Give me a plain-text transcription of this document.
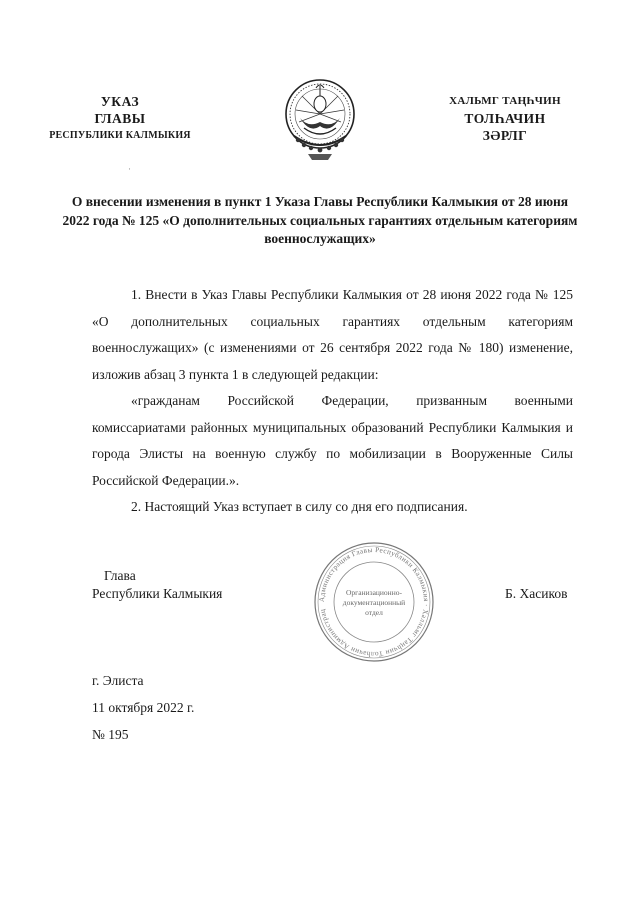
УКАЗ
ГЛАВЫ
РЕСПУБЛИКИ КАЛМЫКИЯ
ХАЛЬМГ ТАҢҺЧИН
ТОЛҺАЧИН
ЗӘРЛГ
·
О внесении изменения в пункт 1 Указа Главы Республики Калмыкия от 28 июня 2022 года № 125 «О дополнительных социальных гарантиях отдельным категориям военнослужащих»

1. Внести в Указ Главы Республики Калмыкия от 28 июня 2022 года № 125 «О дополнительных социальных гарантиях отдельным категориям военнослужащих» (с изменениями от 26 сентября 2022 года № 180) изменение, изложив абзац 3 пункта 1 в следующей редакции:

«гражданам Российской Федерации, призванным военными комиссариатами районных муниципальных образований Республики Калмыкия и города Элисты на военную службу по мобилизации в Вооруженные Силы Российской Федерации.».

2. Настоящий Указ вступает в силу со дня его подписания.

Глава
Республики Калмыкия	Администрация Главы Республики Калмыкия · Халльмг Таңһчин Толһачин Администрац
Организационно-
документационный
отдел
Б. Хасиков
г. Элиста
11 октября 2022 г.
№ 195
